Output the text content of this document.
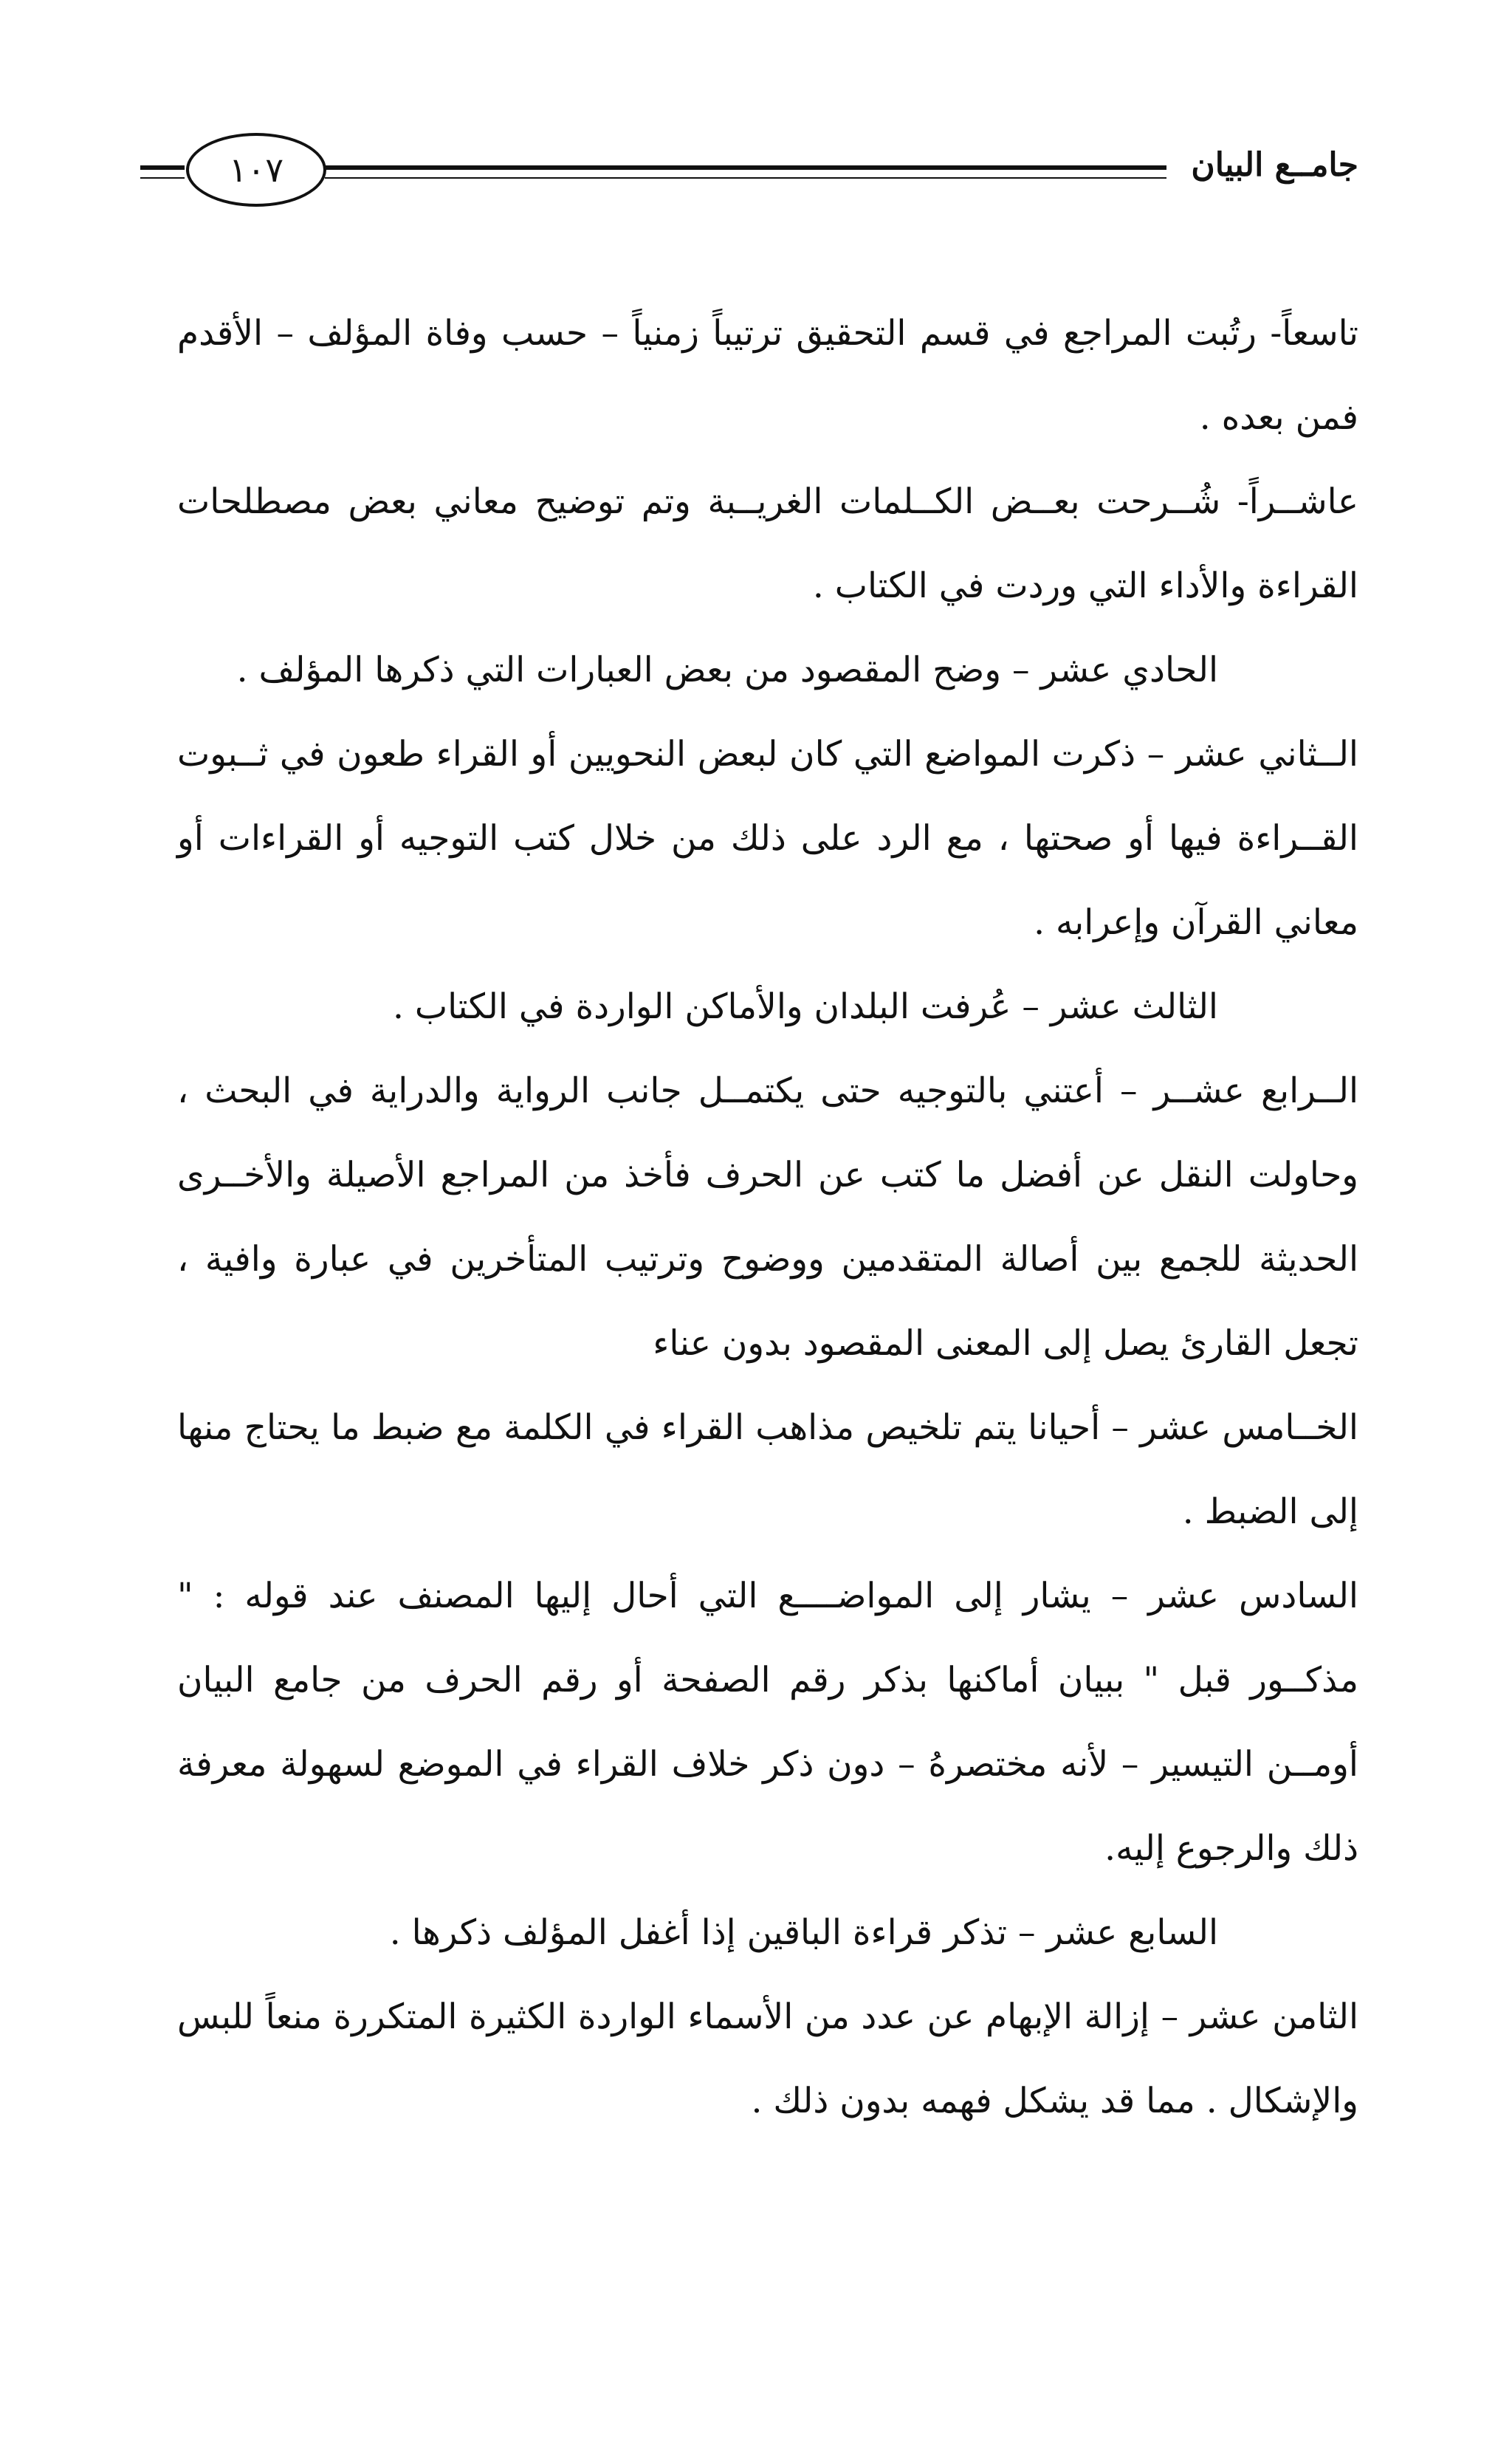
١٠٧	جامــع البيان

تاسعاً- رتُبت المراجع في قسم التحقيق ترتيباً زمنياً – حسب وفاة المؤلف – الأقدم فمن بعده .

عاشــراً- شُــرحت بعــض الكــلمات الغريــبة وتم توضيح معاني بعض مصطلحات القراءة والأداء التي وردت في الكتاب .

الحادي عشر – وضح المقصود من بعض العبارات التي ذكرها المؤلف .

الــثاني عشر – ذكرت المواضع التي كان لبعض النحويين أو القراء طعون في ثــبوت القــراءة فيها أو صحتها ، مع الرد على ذلك من خلال كتب التوجيه أو القراءات أو معاني القرآن وإعرابه .

الثالث عشر – عُرفت البلدان والأماكن الواردة في الكتاب .

الــرابع عشــر – أعتني بالتوجيه حتى يكتمــل جانب الرواية والدراية في البحث ، وحاولت النقل عن أفضل ما كتب عن الحرف فأخذ من المراجع الأصيلة والأخــرى الحديثة للجمع بين أصالة المتقدمين ووضوح وترتيب المتأخرين في عبارة وافية ، تجعل القارئ يصل إلى المعنى المقصود بدون عناء

الخــامس عشر – أحيانا يتم تلخيص مذاهب القراء في الكلمة مع ضبط ما يحتاج منها إلى الضبط .

السادس عشر – يشار إلى المواضــــع التي أحال إليها المصنف عند قوله : " مذكــور قبل " ببيان أماكنها بذكر رقم الصفحة أو رقم الحرف من جامع البيان أومــن التيسير – لأنه مختصرهُ – دون ذكر خلاف القراء في الموضع لسهولة معرفة ذلك والرجوع إليه.

السابع عشر – تذكر قراءة الباقين إذا أغفل المؤلف ذكرها .

الثامن عشر – إزالة الإبهام عن عدد من الأسماء الواردة الكثيرة المتكررة منعاً للبس والإشكال . مما قد يشكل فهمه بدون ذلك .
